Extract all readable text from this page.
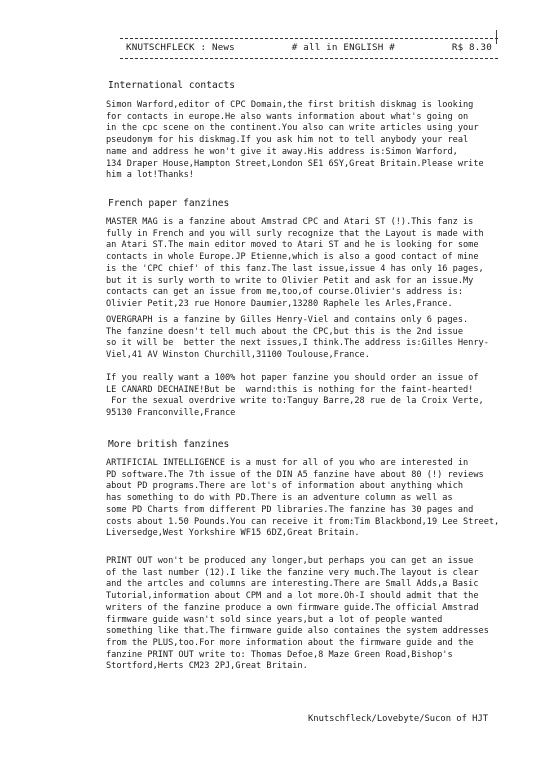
KNUTSCHFLECK : News	# all in ENGLISH #	R$ 8.30
International contacts
Simon Warford,editor of CPC Domain,the first british diskmag is looking
for contacts in europe.He also wants information about what's going on
in the cpc scene on the continent.You also can write articles using your
pseudonym for his diskmag.If you ask him not to tell anybody your real
name and address he won't give it away.His address is:Simon Warford,
134 Draper House,Hampton Street,London SE1 6SY,Great Britain.Please write
him a lot!Thanks!
French paper fanzines
MASTER MAG is a fanzine about Amstrad CPC and Atari ST (!).This fanz is
fully in French and you will surly recognize that the Layout is made with
an Atari ST.The main editor moved to Atari ST and he is looking for some
contacts in whole Europe.JP Etienne,which is also a good contact of mine
is the 'CPC chief' of this fanz.The last issue,issue 4 has only 16 pages,
but it is surly worth to write to Olivier Petit and ask for an issue.My
contacts can get an issue from me,too,of course.Olivier's address is:
Olivier Petit,23 rue Honore Daumier,13280 Raphele les Arles,France.
OVERGRAPH is a fanzine by Gilles Henry-Viel and contains only 6 pages.
The fanzine doesn't tell much about the CPC,but this is the 2nd issue
so it will be  better the next issues,I think.The address is:Gilles Henry-
Viel,41 AV Winston Churchill,31100 Toulouse,France.
If you really want a 100% hot paper fanzine you should order an issue of
LE CANARD DECHAINE!But be  warnd:this is nothing for the faint-hearted!
For the sexual overdrive write to:Tanguy Barre,28 rue de la Croix Verte,
95130 Franconville,France
More british fanzines
ARTIFICIAL INTELLIGENCE is a must for all of you who are interested in
PD software.The 7th issue of the DIN A5 fanzine have about 80 (!) reviews
about PD programs.There are lot's of information about anything which
has something to do with PD.There is an adventure column as well as
some PD Charts from different PD libraries.The fanzine has 30 pages and
costs about 1.50 Pounds.You can receive it from:Tim Blackbond,19 Lee Street,
Liversedge,West Yorkshire WF15 6DZ,Great Britain.
PRINT OUT won't be produced any longer,but perhaps you can get an issue
of the last number (12).I like the fanzine very much.The layout is clear
and the artcles and columns are interesting.There are Small Adds,a Basic
Tutorial,information about CPM and a lot more.Oh-I should admit that the
writers of the fanzine produce a own firmware guide.The official Amstrad
firmware guide wasn't sold since years,but a lot of people wanted
something like that.The firmware guide also containes the system addresses
from the PLUS,too.For more information about the firmware guide and the
fanzine PRINT OUT write to: Thomas Defoe,8 Maze Green Road,Bishop's
Stortford,Herts CM23 2PJ,Great Britain.
Knutschfleck/Lovebyte/Sucon of HJT
